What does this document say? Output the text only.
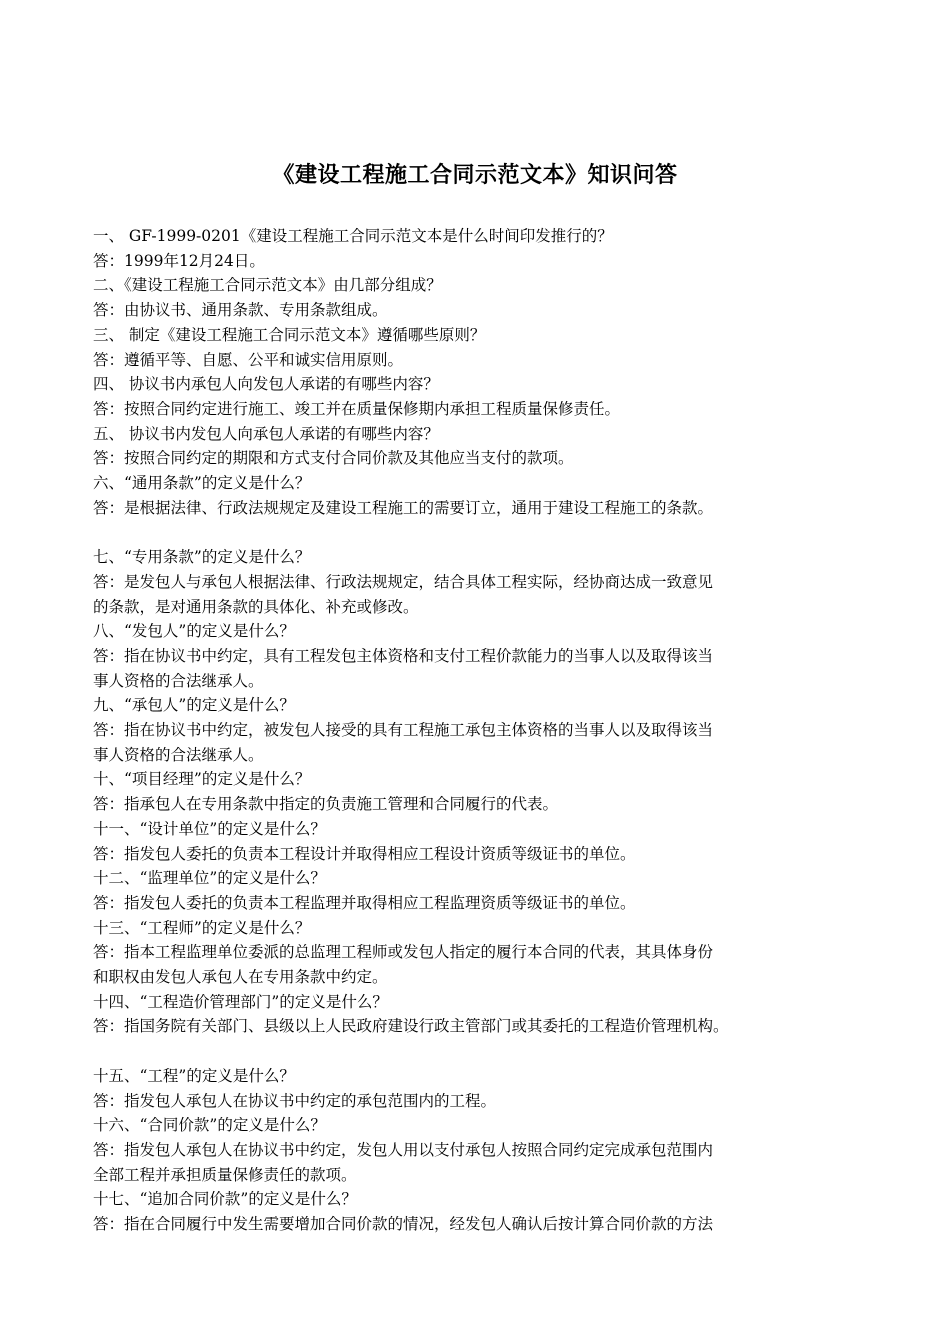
《建设工程施工合同示范文本》知识问答
一、 GF-1999-0201《建设工程施工合同示范文本是什么时间印发推行的？
答：1999年12月24日。
二、《建设工程施工合同示范文本》由几部分组成？
答：由协议书、通用条款、专用条款组成。
三、 制定《建设工程施工合同示范文本》遵循哪些原则？
答：遵循平等、自愿、公平和诚实信用原则。
四、 协议书内承包人向发包人承诺的有哪些内容？
答：按照合同约定进行施工、竣工并在质量保修期内承担工程质量保修责任。
五、 协议书内发包人向承包人承诺的有哪些内容？
答：按照合同约定的期限和方式支付合同价款及其他应当支付的款项。
六、“通用条款”的定义是什么？
答：是根据法律、行政法规规定及建设工程施工的需要订立，通用于建设工程施工的条款。
七、“专用条款”的定义是什么？
答：是发包人与承包人根据法律、行政法规规定，结合具体工程实际，经协商达成一致意见
的条款，是对通用条款的具体化、补充或修改。
八、“发包人”的定义是什么？
答：指在协议书中约定，具有工程发包主体资格和支付工程价款能力的当事人以及取得该当
事人资格的合法继承人。
九、“承包人”的定义是什么？
答：指在协议书中约定，被发包人接受的具有工程施工承包主体资格的当事人以及取得该当
事人资格的合法继承人。
十、“项目经理”的定义是什么？
答：指承包人在专用条款中指定的负责施工管理和合同履行的代表。
十一、“设计单位”的定义是什么？
答：指发包人委托的负责本工程设计并取得相应工程设计资质等级证书的单位。
十二、“监理单位”的定义是什么？
答：指发包人委托的负责本工程监理并取得相应工程监理资质等级证书的单位。
十三、“工程师”的定义是什么？
答：指本工程监理单位委派的总监理工程师或发包人指定的履行本合同的代表，其具体身份
和职权由发包人承包人在专用条款中约定。
十四、“工程造价管理部门”的定义是什么？
答：指国务院有关部门、县级以上人民政府建设行政主管部门或其委托的工程造价管理机构。
十五、“工程”的定义是什么？
答：指发包人承包人在协议书中约定的承包范围内的工程。
十六、“合同价款”的定义是什么？
答：指发包人承包人在协议书中约定，发包人用以支付承包人按照合同约定完成承包范围内
全部工程并承担质量保修责任的款项。
十七、“追加合同价款”的定义是什么？
答：指在合同履行中发生需要增加合同价款的情况，经发包人确认后按计算合同价款的方法
